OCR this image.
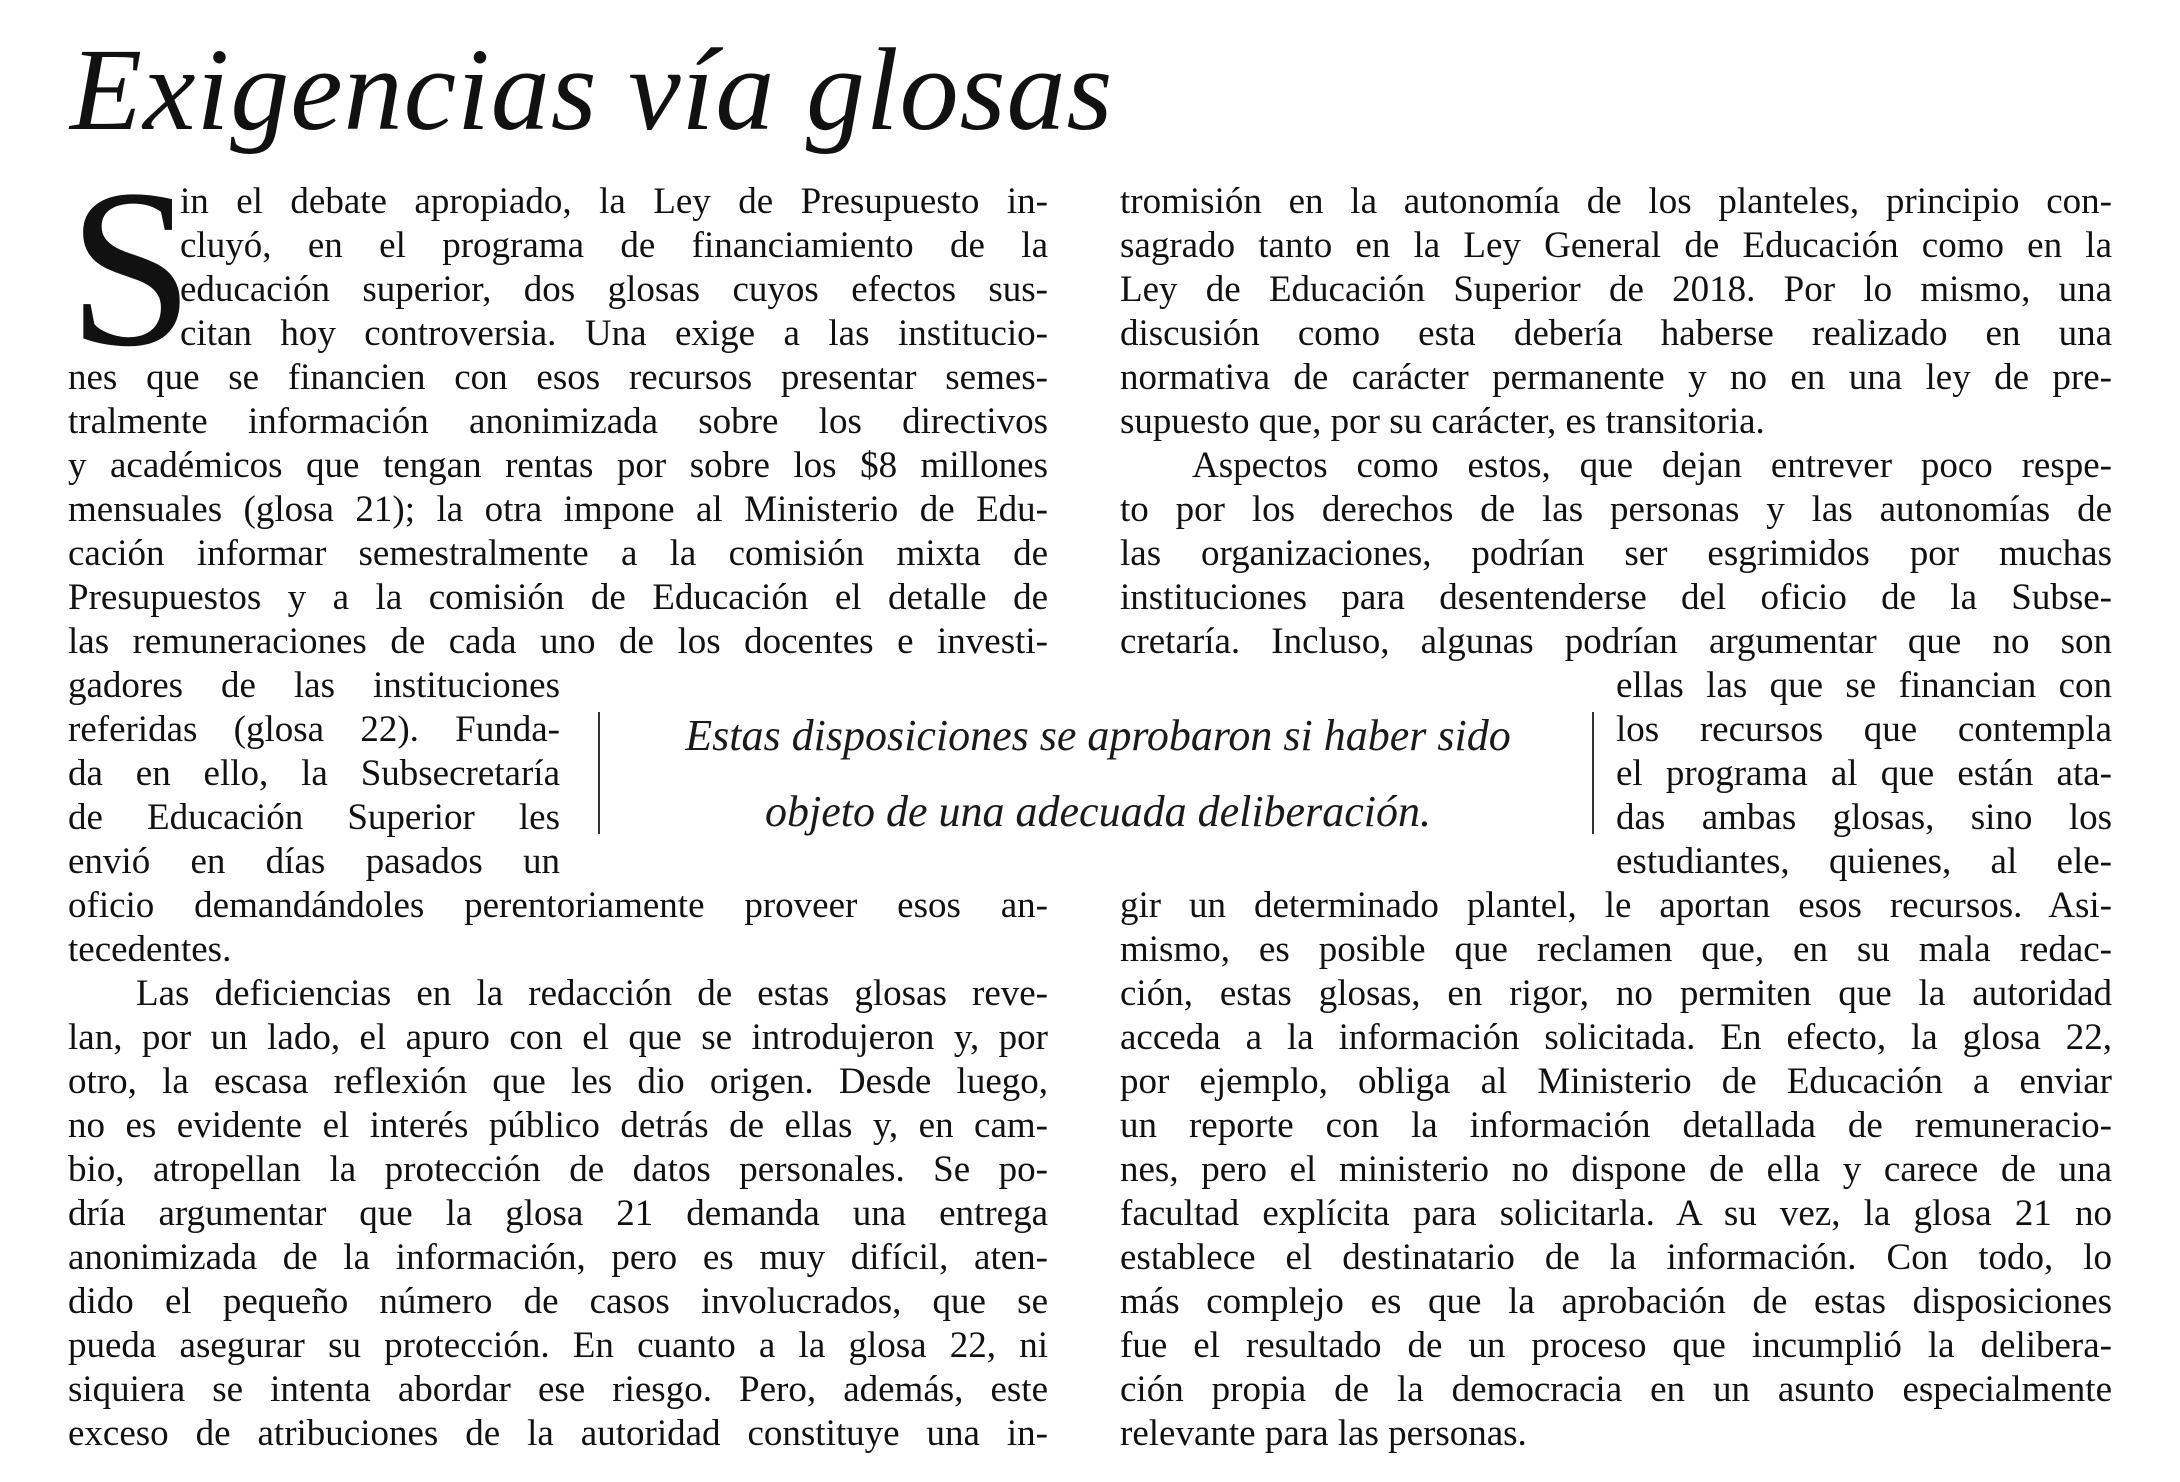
Exigencias vía glosas
S
in el debate apropiado, la Ley de Presupuesto in-
cluyó, en el programa de financiamiento de la
educación superior, dos glosas cuyos efectos sus-
citan hoy controversia. Una exige a las institucio-
nes que se financien con esos recursos presentar semes-
tralmente información anonimizada sobre los directivos
y académicos que tengan rentas por sobre los $8 millones
mensuales (glosa 21); la otra impone al Ministerio de Edu-
cación informar semestralmente a la comisión mixta de
Presupuestos y a la comisión de Educación el detalle de
las remuneraciones de cada uno de los docentes e investi-
gadores de las instituciones
referidas (glosa 22). Funda-
da en ello, la Subsecretaría
de Educación Superior les
envió en días pasados un
oficio demandándoles perentoriamente proveer esos an-
tecedentes.
Las deficiencias en la redacción de estas glosas reve-
lan, por un lado, el apuro con el que se introdujeron y, por
otro, la escasa reflexión que les dio origen. Desde luego,
no es evidente el interés público detrás de ellas y, en cam-
bio, atropellan la protección de datos personales. Se po-
dría argumentar que la glosa 21 demanda una entrega
anonimizada de la información, pero es muy difícil, aten-
dido el pequeño número de casos involucrados, que se
pueda asegurar su protección. En cuanto a la glosa 22, ni
siquiera se intenta abordar ese riesgo. Pero, además, este
exceso de atribuciones de la autoridad constituye una in-
tromisión en la autonomía de los planteles, principio con-
sagrado tanto en la Ley General de Educación como en la
Ley de Educación Superior de 2018. Por lo mismo, una
discusión como esta debería haberse realizado en una
normativa de carácter permanente y no en una ley de pre-
supuesto que, por su carácter, es transitoria.
Aspectos como estos, que dejan entrever poco respe-
to por los derechos de las personas y las autonomías de
las organizaciones, podrían ser esgrimidos por muchas
instituciones para desentenderse del oficio de la Subse-
cretaría. Incluso, algunas podrían argumentar que no son
ellas las que se financian con
los recursos que contempla
el programa al que están ata-
das ambas glosas, sino los
estudiantes, quienes, al ele-
gir un determinado plantel, le aportan esos recursos. Asi-
mismo, es posible que reclamen que, en su mala redac-
ción, estas glosas, en rigor, no permiten que la autoridad
acceda a la información solicitada. En efecto, la glosa 22,
por ejemplo, obliga al Ministerio de Educación a enviar
un reporte con la información detallada de remuneracio-
nes, pero el ministerio no dispone de ella y carece de una
facultad explícita para solicitarla. A su vez, la glosa 21 no
establece el destinatario de la información. Con todo, lo
más complejo es que la aprobación de estas disposiciones
fue el resultado de un proceso que incumplió la delibera-
ción propia de la democracia en un asunto especialmente
relevante para las personas.
Estas disposiciones se aprobaron si haber sido
objeto de una adecuada deliberación.
